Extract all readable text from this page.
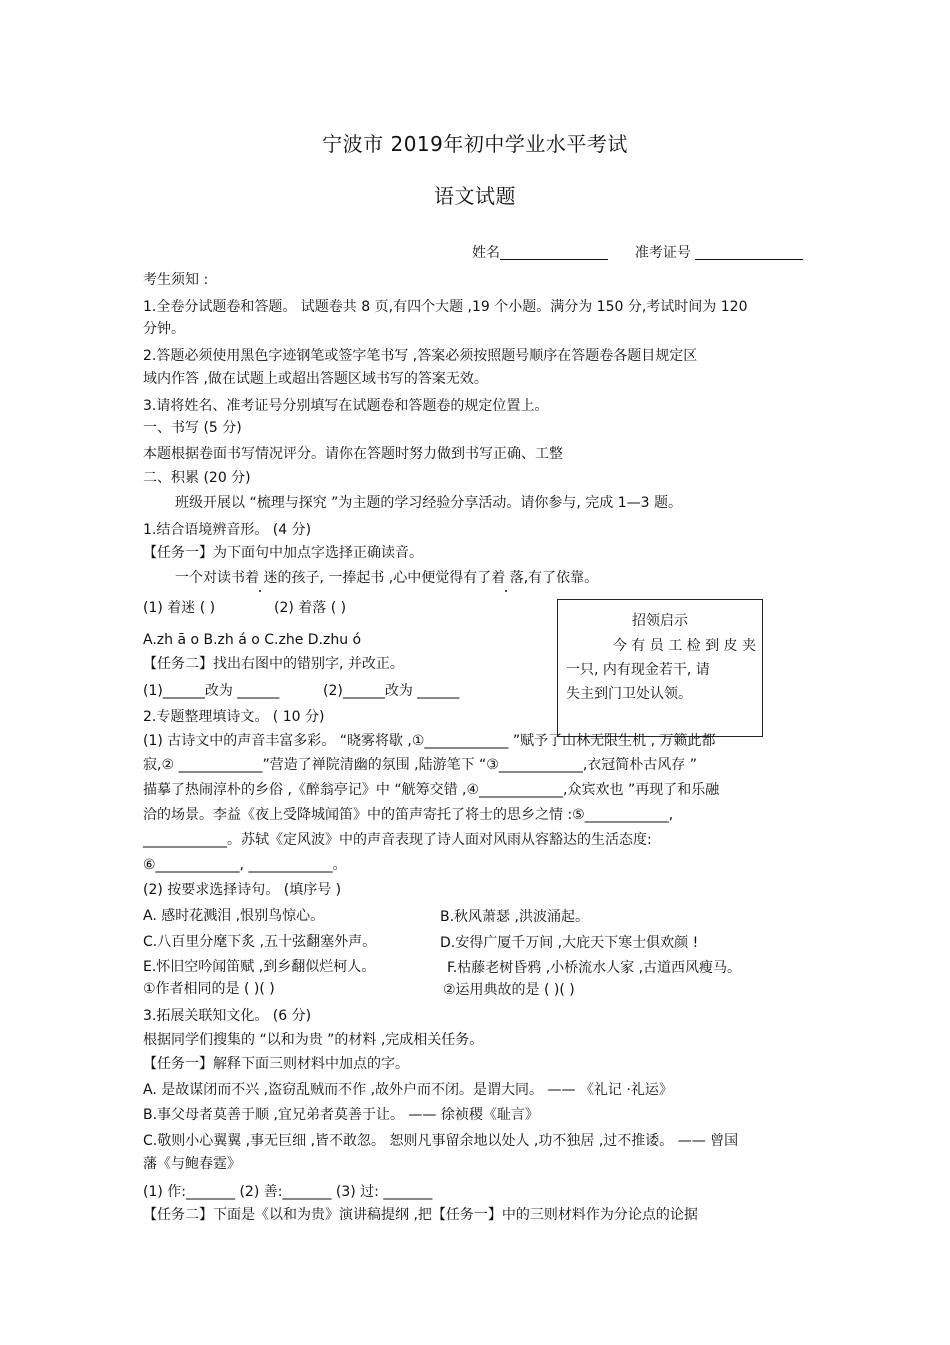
宁波市 2019年初中学业水平考试
语文试题
姓名	准考证号
考生须知 :
1.全卷分试题卷和答题。 试题卷共 8 页,有四个大题 ,19 个小题。满分为 150 分,考试时间为 120
分钟。
2.答题必须使用黑色字迹钢笔或签字笔书写 ,答案必须按照题号顺序在答题卷各题目规定区
域内作答 ,做在试题上或超出答题区域书写的答案无效。
3.请将姓名、准考证号分别填写在试题卷和答题卷的规定位置上。
一、书写 (5 分)
本题根据卷面书写情况评分。请你在答题时努力做到书写正确、工整
二、积累 (20 分)
班级开展以 “梳理与探究 ”为主题的学习经验分享活动。请你参与, 完成 1—3 题。
1.结合语境辨音形。 (4 分)
【任务一】为下面句中加点字选择正确读音。
一个对读书着 迷的孩子, 一捧起书 ,心中便觉得有了着 落,有了依靠。
(1) 着迷 ( )	(2) 着落 ( )
A.zh ā o B.zh á o C.zhe D.zhu ó
【任务二】找出右图中的错别字, 并改正。
(1)______改为 ______	(2)______改为 ______
招领启示
今 有 员 工 检 到 皮 夹
一只, 内有现金若干, 请
失主到门卫处认领。
2.专题整理填诗文。 ( 10 分)
(1) 古诗文中的声音丰富多彩。 “晓雾将歇 ,①____________ ”赋予了山林无限生机 , 万籁此都
寂,② ____________”营造了禅院清幽的氛围 ,陆游笔下 “③____________,衣冠简朴古风存 ”
描摹了热闹淳朴的乡俗 ,《醉翁亭记》中 “觥筹交错 ,④____________,众宾欢也 ”再现了和乐融
洽的场景。李益《夜上受降城闻笛》中的笛声寄托了将士的思乡之情 :⑤____________,
____________。苏轼《定风波》中的声音表现了诗人面对风雨从容豁达的生活态度:
⑥____________, ____________。
(2) 按要求选择诗句。 (填序号 )
A. 感时花溅泪 ,恨别鸟惊心。	B.秋风萧瑟 ,洪波涌起。
C.八百里分麾下炙 ,五十弦翻塞外声。	D.安得广厦千万间 ,大庇天下寒士俱欢颜 !
E.怀旧空吟闻笛赋 ,到乡翻似烂柯人。	F.枯藤老树昏鸦 ,小桥流水人家 ,古道西风瘦马。
①作者相同的是 ( )( )	②运用典故的是 ( )( )
3.拓展关联知文化。 (6 分)
根据同学们搜集的 “以和为贵 ”的材料 ,完成相关任务。
【任务一】解释下面三则材料中加点的字。
A. 是故谋闭而不兴 ,盗窃乱贼而不作 ,故外户而不闭。是谓大同。 —— 《礼记 ·礼运》
B.事父母者莫善于顺 ,宜兄弟者莫善于让。 —— 徐祯稷《耻言》
C.敬则小心翼翼 ,事无巨细 ,皆不敢忽。 恕则凡事留余地以处人 ,功不独居 ,过不推诿。 —— 曾国
藩《与鲍春霆》
(1) 作:_______ (2) 善:_______ (3) 过: _______
【任务二】下面是《以和为贵》演讲稿提纲 ,把【任务一】中的三则材料作为分论点的论据
